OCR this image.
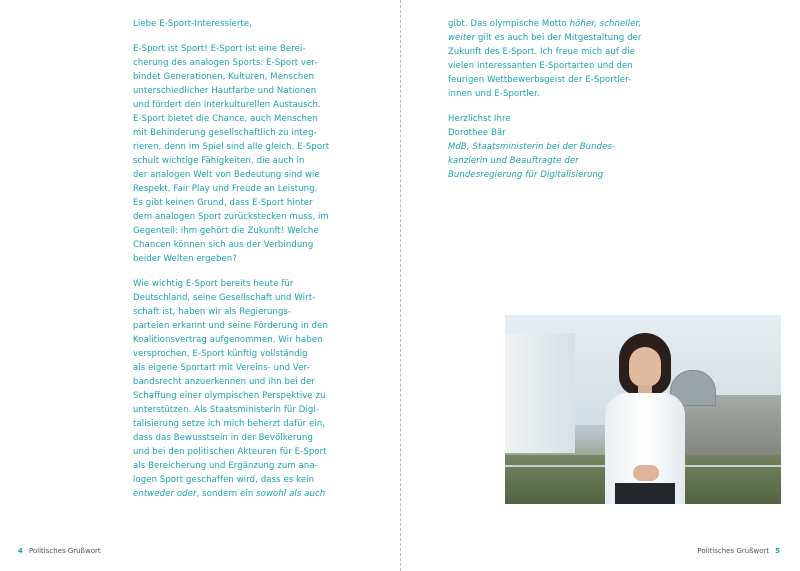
Liebe E-Sport-Interessierte,

E-Sport ist Sport! E-Sport ist eine Berei-
cherung des analogen Sports: E-Sport ver-
bindet Generationen, Kulturen, Menschen
unterschiedlicher Hautfarbe und Nationen
und fördert den interkulturellen Austausch.
E-Sport bietet die Chance, auch Menschen
mit Behinderung gesellschaftlich zu integ-
rieren, denn im Spiel sind alle gleich. E-Sport
schult wichtige Fähigkeiten, die auch in
der analogen Welt von Bedeutung sind wie
Respekt, Fair Play und Freude an Leistung.
Es gibt keinen Grund, dass E-Sport hinter
dem analogen Sport zurückstecken muss, im
Gegenteil: ihm gehört die Zukunft! Welche
Chancen können sich aus der Verbindung
beider Welten ergeben?

Wie wichtig E-Sport bereits heute für
Deutschland, seine Gesellschaft und Wirt-
schaft ist, haben wir als Regierungs-
parteien erkannt und seine Förderung in den
Koalitionsvertrag aufgenommen. Wir haben
versprochen, E-Sport künftig vollständig
als eigene Sportart mit Vereins- und Ver-
bandsrecht anzuerkennen und ihn bei der
Schaffung einer olympischen Perspektive zu
unterstützen. Als Staatsministerin für Digi-
talisierung setze ich mich beherzt dafür ein,
dass das Bewusstsein in der Bevölkerung
und bei den politischen Akteuren für E-Sport
als Bereicherung und Ergänzung zum ana-
logen Sport geschaffen wird, dass es kein
entweder oder, sondern ein sowohl als auch

4 Politisches Grußwort

gibt. Das olympische Motto höher, schneller,
weiter gilt es auch bei der Mitgestaltung der
Zukunft des E-Sport. Ich freue mich auf die
vielen interessanten E-Sportarten und den
feurigen Wettbewerbsgeist der E-Sportler-
innen und E-Sportler.

Herzlichst Ihre
Dorothee Bär
MdB, Staatsministerin bei der Bundes-
kanzlerin und Beauftragte der
Bundesregierung für Digitalisierung

Politisches Grußwort 5
